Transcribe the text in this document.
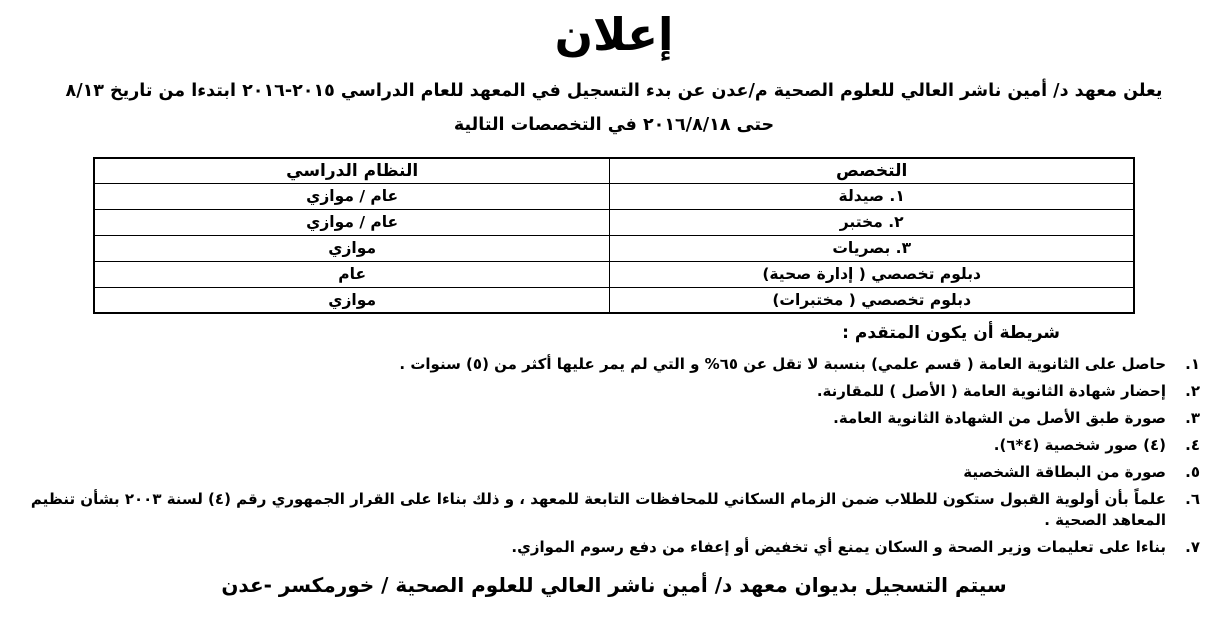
إعلان
يعلن معهد د/ أمين ناشر العالي للعلوم الصحية م/عدن عن بدء التسجيل في المعهد للعام الدراسي ٢٠١٥-٢٠١٦ ابتدءا من تاريخ ٨/١٣
حتى ٢٠١٦/٨/١٨ في التخصصات التالية
التخصص	النظام الدراسي
١. صيدلة	عام / موازي
٢. مختبر	عام / موازي
٣. بصريات	موازي
دبلوم تخصصي ( إدارة صحية)	عام
دبلوم تخصصي ( مختبرات)	موازي
شريطة أن يكون المتقدم :
١.
حاصل على الثانوية العامة ( قسم علمي) بنسبة لا تقل عن ٦٥% و التي لم يمر عليها أكثر من (٥) سنوات .
٢.
إحضار شهادة الثانوية العامة ( الأصل ) للمقارنة.
٣.
صورة طبق الأصل من الشهادة الثانوية العامة.
٤.
(٤) صور شخصية (٤*٦).
٥.
صورة من البطاقة الشخصية
٦.
علماً بأن أولوية القبول ستكون للطلاب ضمن الزمام السكاني للمحافظات التابعة للمعهد ، و ذلك بناءا على القرار الجمهوري رقم (٤) لسنة ٢٠٠٣ بشأن تنظيم المعاهد الصحية .
٧.
بناءا على تعليمات وزير الصحة و السكان يمنع أي تخفيض أو إعفاء من دفع رسوم الموازي.
سيتم التسجيل بديوان معهد د/ أمين ناشر العالي للعلوم الصحية / خورمكسر -عدن
